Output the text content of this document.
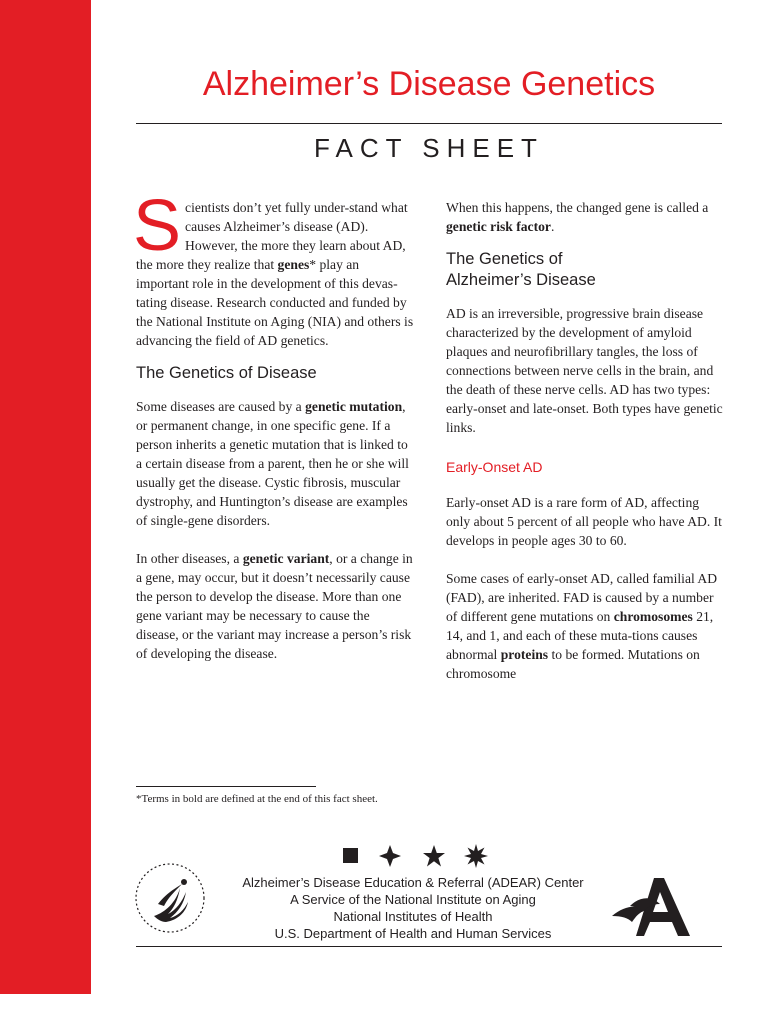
Alzheimer’s Disease Genetics
FACT SHEET

Scientists don’t yet fully under-stand what causes Alzheimer’s disease (AD). However, the more they learn about AD, the more they realize that genes* play an important role in the development of this devas-tating disease. Research conducted and funded by the National Institute on Aging (NIA) and others is advancing the field of AD genetics.

The Genetics of Disease

Some diseases are caused by a genetic mutation, or permanent change, in one specific gene. If a person inherits a genetic mutation that is linked to a certain disease from a parent, then he or she will usually get the disease. Cystic fibrosis, muscular dystrophy, and Huntington’s disease are examples of single-gene disorders.

In other diseases, a genetic variant, or a change in a gene, may occur, but it doesn’t necessarily cause the person to develop the disease. More than one gene variant may be necessary to cause the disease, or the variant may increase a person’s risk of developing the disease.

When this happens, the changed gene is called a genetic risk factor.

The Genetics of
Alzheimer’s Disease

AD is an irreversible, progressive brain disease characterized by the development of amyloid plaques and neurofibrillary tangles, the loss of connections between nerve cells in the brain, and the death of these nerve cells. AD has two types: early-onset and late-onset. Both types have genetic links.

Early-Onset AD

Early-onset AD is a rare form of AD, affecting only about 5 percent of all people who have AD. It develops in people ages 30 to 60.

Some cases of early-onset AD, called familial AD (FAD), are inherited. FAD is caused by a number of different gene mutations on chromosomes 21, 14, and 1, and each of these muta-tions causes abnormal proteins to be formed. Mutations on chromosome

*Terms in bold are defined at the end of this fact sheet.
Alzheimer’s Disease Education & Referral (ADEAR) Center
A Service of the National Institute on Aging
National Institutes of Health
U.S. Department of Health and Human Services
